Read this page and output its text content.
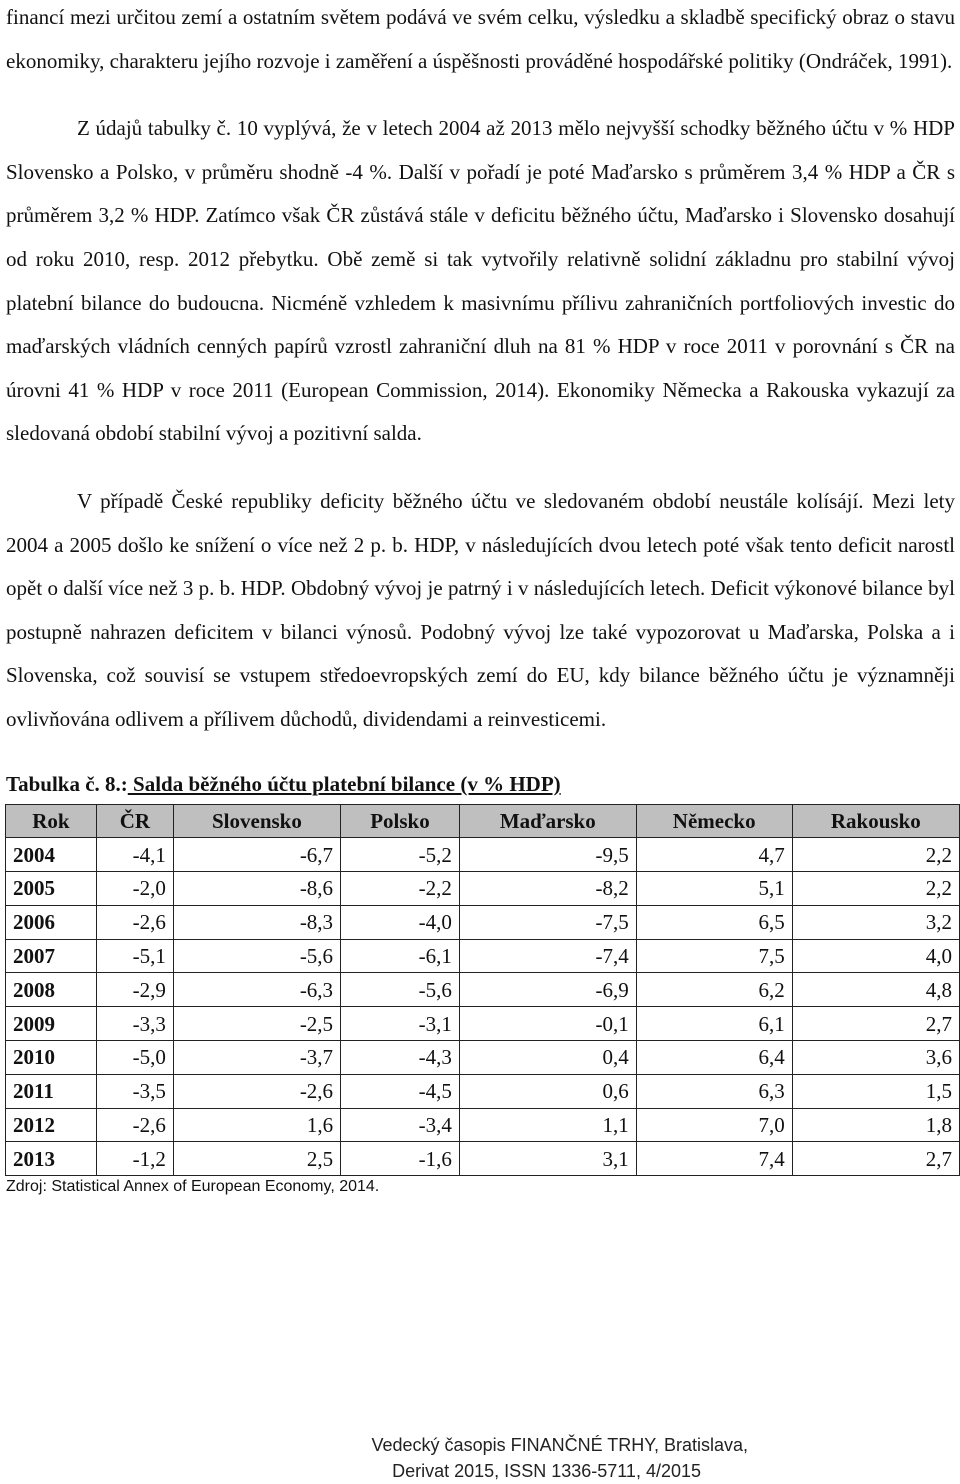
financí mezi určitou zemí a ostatním světem podává ve svém celku, výsledku a skladbě specifický obraz o stavu ekonomiky, charakteru jejího rozvoje i zaměření a úspěšnosti prováděné hospodářské politiky (Ondráček, 1991).

Z údajů tabulky č. 10 vyplývá, že v letech 2004 až 2013 mělo nejvyšší schodky běžného účtu v % HDP Slovensko a Polsko, v průměru shodně -4 %. Další v pořadí je poté Maďarsko s průměrem 3,4 % HDP a ČR s průměrem 3,2 % HDP. Zatímco však ČR zůstává stále v deficitu běžného účtu, Maďarsko i Slovensko dosahují od roku 2010, resp. 2012 přebytku. Obě země si tak vytvořily relativně solidní základnu pro stabilní vývoj platební bilance do budoucna. Nicméně vzhledem k masivnímu přílivu zahraničních portfoliových investic do maďarských vládních cenných papírů vzrostl zahraniční dluh na 81 % HDP v roce 2011 v porovnání s ČR na úrovni 41 % HDP v roce 2011 (European Commission, 2014). Ekonomiky Německa a Rakouska vykazují za sledovaná období stabilní vývoj a pozitivní salda.

V případě České republiky deficity běžného účtu ve sledovaném období neustále kolísájí. Mezi lety 2004 a 2005 došlo ke snížení o více než 2 p. b. HDP, v následujících dvou letech poté však tento deficit narostl opět o další více než 3 p. b. HDP. Obdobný vývoj je patrný i v následujících letech. Deficit výkonové bilance byl postupně nahrazen deficitem v bilanci výnosů. Podobný vývoj lze také vypozorovat u Maďarska, Polska a i Slovenska, což souvisí se vstupem středoevropských zemí do EU, kdy bilance běžného účtu je významněji ovlivňována odlivem a přílivem důchodů, dividendami a reinvesticemi.

Tabulka č. 8.: Salda běžného účtu platební bilance (v % HDP)
Rok	ČR	Slovensko	Polsko	Maďarsko	Německo	Rakousko
2004	-4,1	-6,7	-5,2	-9,5	4,7	2,2
2005	-2,0	-8,6	-2,2	-8,2	5,1	2,2
2006	-2,6	-8,3	-4,0	-7,5	6,5	3,2
2007	-5,1	-5,6	-6,1	-7,4	7,5	4,0
2008	-2,9	-6,3	-5,6	-6,9	6,2	4,8
2009	-3,3	-2,5	-3,1	-0,1	6,1	2,7
2010	-5,0	-3,7	-4,3	0,4	6,4	3,6
2011	-3,5	-2,6	-4,5	0,6	6,3	1,5
2012	-2,6	1,6	-3,4	1,1	7,0	1,8
2013	-1,2	2,5	-1,6	3,1	7,4	2,7
Zdroj: Statistical Annex of European Economy, 2014.
Vedecký časopis FINANČNÉ TRHY, Bratislava,
Derivat 2015, ISSN 1336-5711, 4/2015
